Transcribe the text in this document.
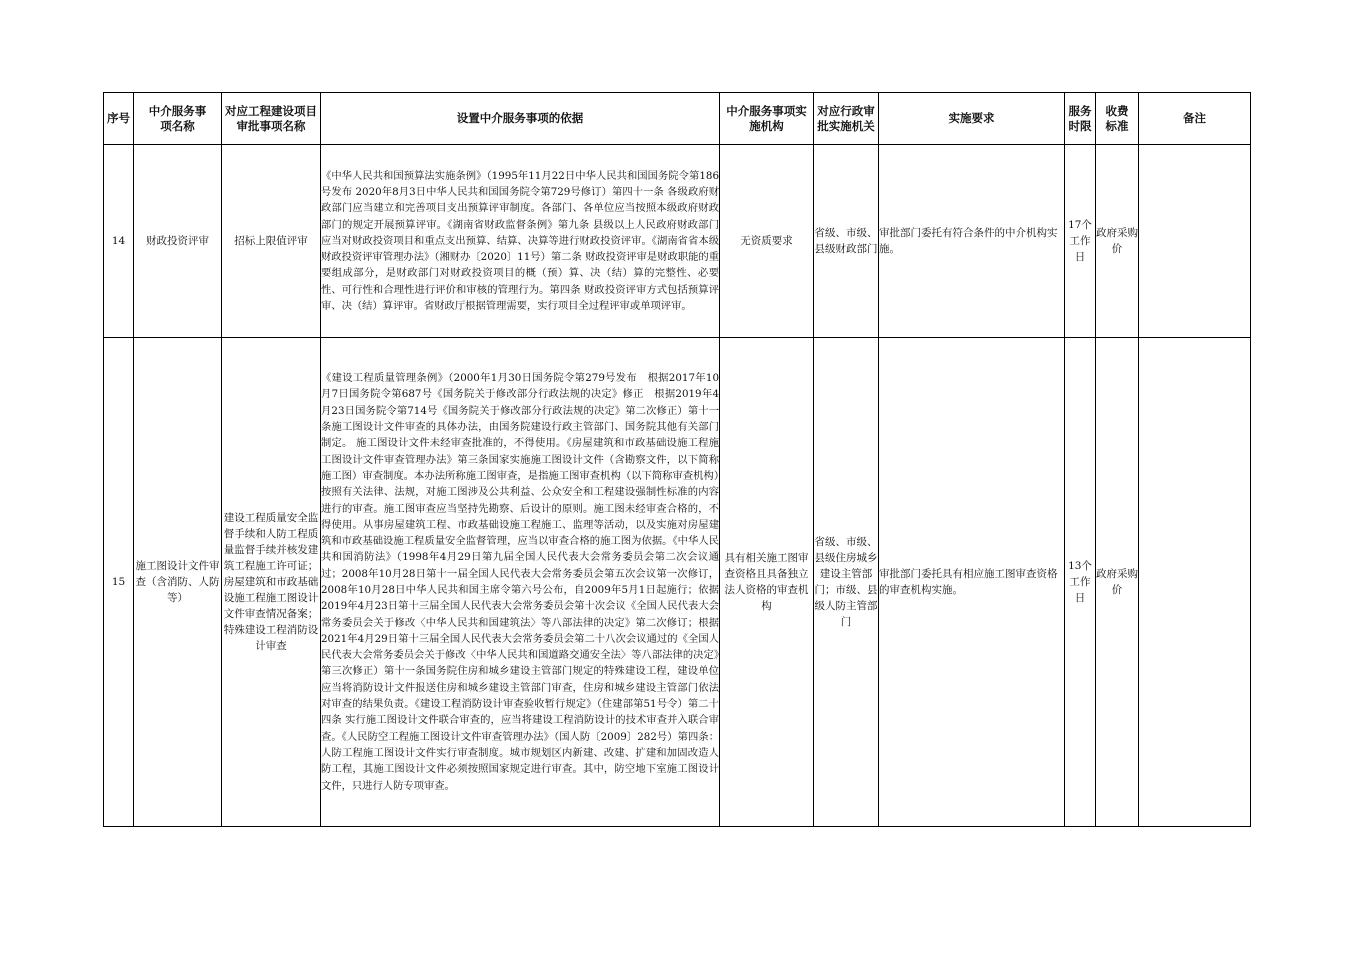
序号	中介服务事项名称	对应工程建设项目审批事项名称	设置中介服务事项的依据	中介服务事项实施机构	对应行政审批实施机关	实施要求	服务时限	收费标准	备注
14	财政投资评审	招标上限值评审	《中华人民共和国预算法实施条例》（1995年11月22日中华人民共和国国务院令第186号发布 2020年8月3日中华人民共和国国务院令第729号修订）第四十一条 各级政府财政部门应当建立和完善项目支出预算评审制度。各部门、各单位应当按照本级政府财政部门的规定开展预算评审。《湖南省财政监督条例》第九条 县级以上人民政府财政部门应当对财政投资项目和重点支出预算、结算、决算等进行财政投资评审。《湖南省省本级财政投资评审管理办法》（湘财办〔2020〕11号）第二条 财政投资评审是财政职能的重要组成部分，是财政部门对财政投资项目的概（预）算、决（结）算的完整性、必要性、可行性和合理性进行评价和审核的管理行为。第四条 财政投资评审方式包括预算评审、决（结）算评审。省财政厅根据管理需要，实行项目全过程评审或单项评审。	无资质要求	省级、市级、县级财政部门	审批部门委托有符合条件的中介机构实施。	17个工作日	政府采购价	
15	施工图设计文件审查（含消防、人防等）	建设工程质量安全监督手续和人防工程质量监督手续并核发建筑工程施工许可证；房屋建筑和市政基础设施工程施工图设计文件审查情况备案；特殊建设工程消防设计审查	《建设工程质量管理条例》（2000年1月30日国务院令第279号发布　根据2017年10月7日国务院令第687号《国务院关于修改部分行政法规的决定》修正　根据2019年4月23日国务院令第714号《国务院关于修改部分行政法规的决定》第二次修正）第十一条施工图设计文件审查的具体办法，由国务院建设行政主管部门、国务院其他有关部门制定。 施工图设计文件未经审查批准的，不得使用。《房屋建筑和市政基础设施工程施工图设计文件审查管理办法》第三条国家实施施工图设计文件（含勘察文件，以下简称施工图）审查制度。本办法所称施工图审查，是指施工图审查机构（以下简称审查机构）按照有关法律、法规，对施工图涉及公共利益、公众安全和工程建设强制性标准的内容进行的审查。施工图审查应当坚持先勘察、后设计的原则。施工图未经审查合格的，不得使用。从事房屋建筑工程、市政基础设施工程施工、监理等活动，以及实施对房屋建筑和市政基础设施工程质量安全监督管理，应当以审查合格的施工图为依据。《中华人民共和国消防法》（1998年4月29日第九届全国人民代表大会常务委员会第二次会议通过；2008年10月28日第十一届全国人民代表大会常务委员会第五次会议第一次修订，2008年10月28日中华人民共和国主席令第六号公布，自2009年5月1日起施行；依据2019年4月23日第十三届全国人民代表大会常务委员会第十次会议《全国人民代表大会常务委员会关于修改〈中华人民共和国建筑法〉等八部法律的决定》第二次修订；根据2021年4月29日第十三届全国人民代表大会常务委员会第二十八次会议通过的《全国人民代表大会常务委员会关于修改〈中华人民共和国道路交通安全法〉等八部法律的决定》第三次修正）第十一条国务院住房和城乡建设主管部门规定的特殊建设工程，建设单位应当将消防设计文件报送住房和城乡建设主管部门审查，住房和城乡建设主管部门依法对审查的结果负责。《建设工程消防设计审查验收暂行规定》（住建部第51号令）第二十四条 实行施工图设计文件联合审查的，应当将建设工程消防设计的技术审查并入联合审查。《人民防空工程施工图设计文件审查管理办法》（国人防〔2009〕282号）第四条：人防工程施工图设计文件实行审查制度。城市规划区内新建、改建、扩建和加固改造人防工程，其施工图设计文件必须按照国家规定进行审查。其中，防空地下室施工图设计文件，只进行人防专项审查。	具有相关施工图审查资格且具备独立法人资格的审查机构	省级、市级、县级住房城乡建设主管部门；市级、县级人防主管部门	审批部门委托具有相应施工图审查资格的审查机构实施。	13个工作日	政府采购价	
